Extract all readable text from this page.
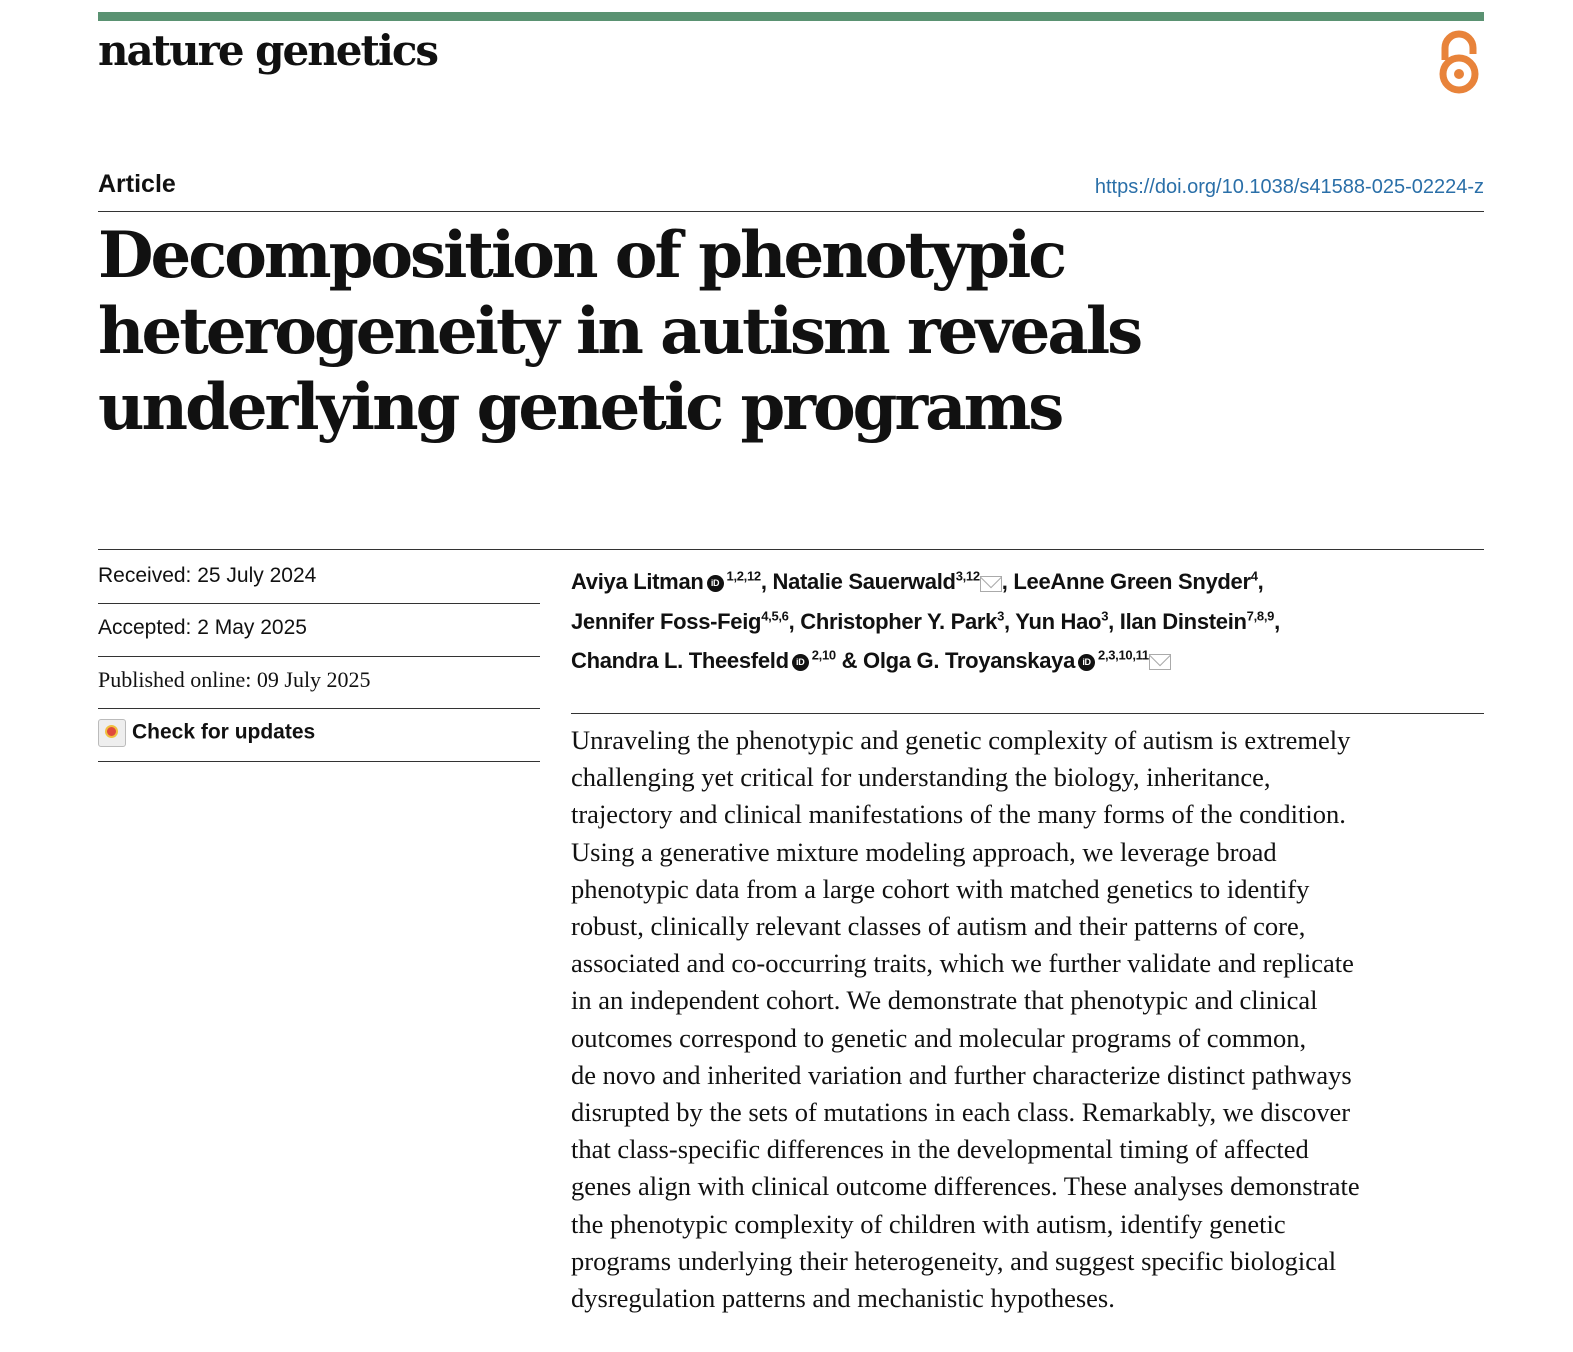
nature genetics
Article	https://doi.org/10.1038/s41588-025-02224-z
Decomposition of phenotypic heterogeneity in autism reveals underlying genetic programs
Received: 25 July 2024
Accepted: 2 May 2025
Published online: 09 July 2025
Check for updates
Aviya Litman iD $^{1,2,12}$, Natalie Sauerwald$^{3,12}$ , LeeAnne Green Snyder$^4$,
Jennifer Foss-Feig$^{4,5,6}$, Christopher Y. Park$^3$, Yun Hao$^3$, Ilan Dinstein$^{7,8,9}$,
Chandra L. Theesfeld iD $^{2,10}$ & Olga G. Troyanskaya iD $^{2,3,10,11}$
Unraveling the phenotypic and genetic complexity of autism is extremely
challenging yet critical for understanding the biology, inheritance,
trajectory and clinical manifestations of the many forms of the condition.
Using a generative mixture modeling approach, we leverage broad
phenotypic data from a large cohort with matched genetics to identify
robust, clinically relevant classes of autism and their patterns of core,
associated and co-occurring traits, which we further validate and replicate
in an independent cohort. We demonstrate that phenotypic and clinical
outcomes correspond to genetic and molecular programs of common,
de novo and inherited variation and further characterize distinct pathways
disrupted by the sets of mutations in each class. Remarkably, we discover
that class-specific differences in the developmental timing of affected
genes align with clinical outcome differences. These analyses demonstrate
the phenotypic complexity of children with autism, identify genetic
programs underlying their heterogeneity, and suggest specific biological
dysregulation patterns and mechanistic hypotheses.
